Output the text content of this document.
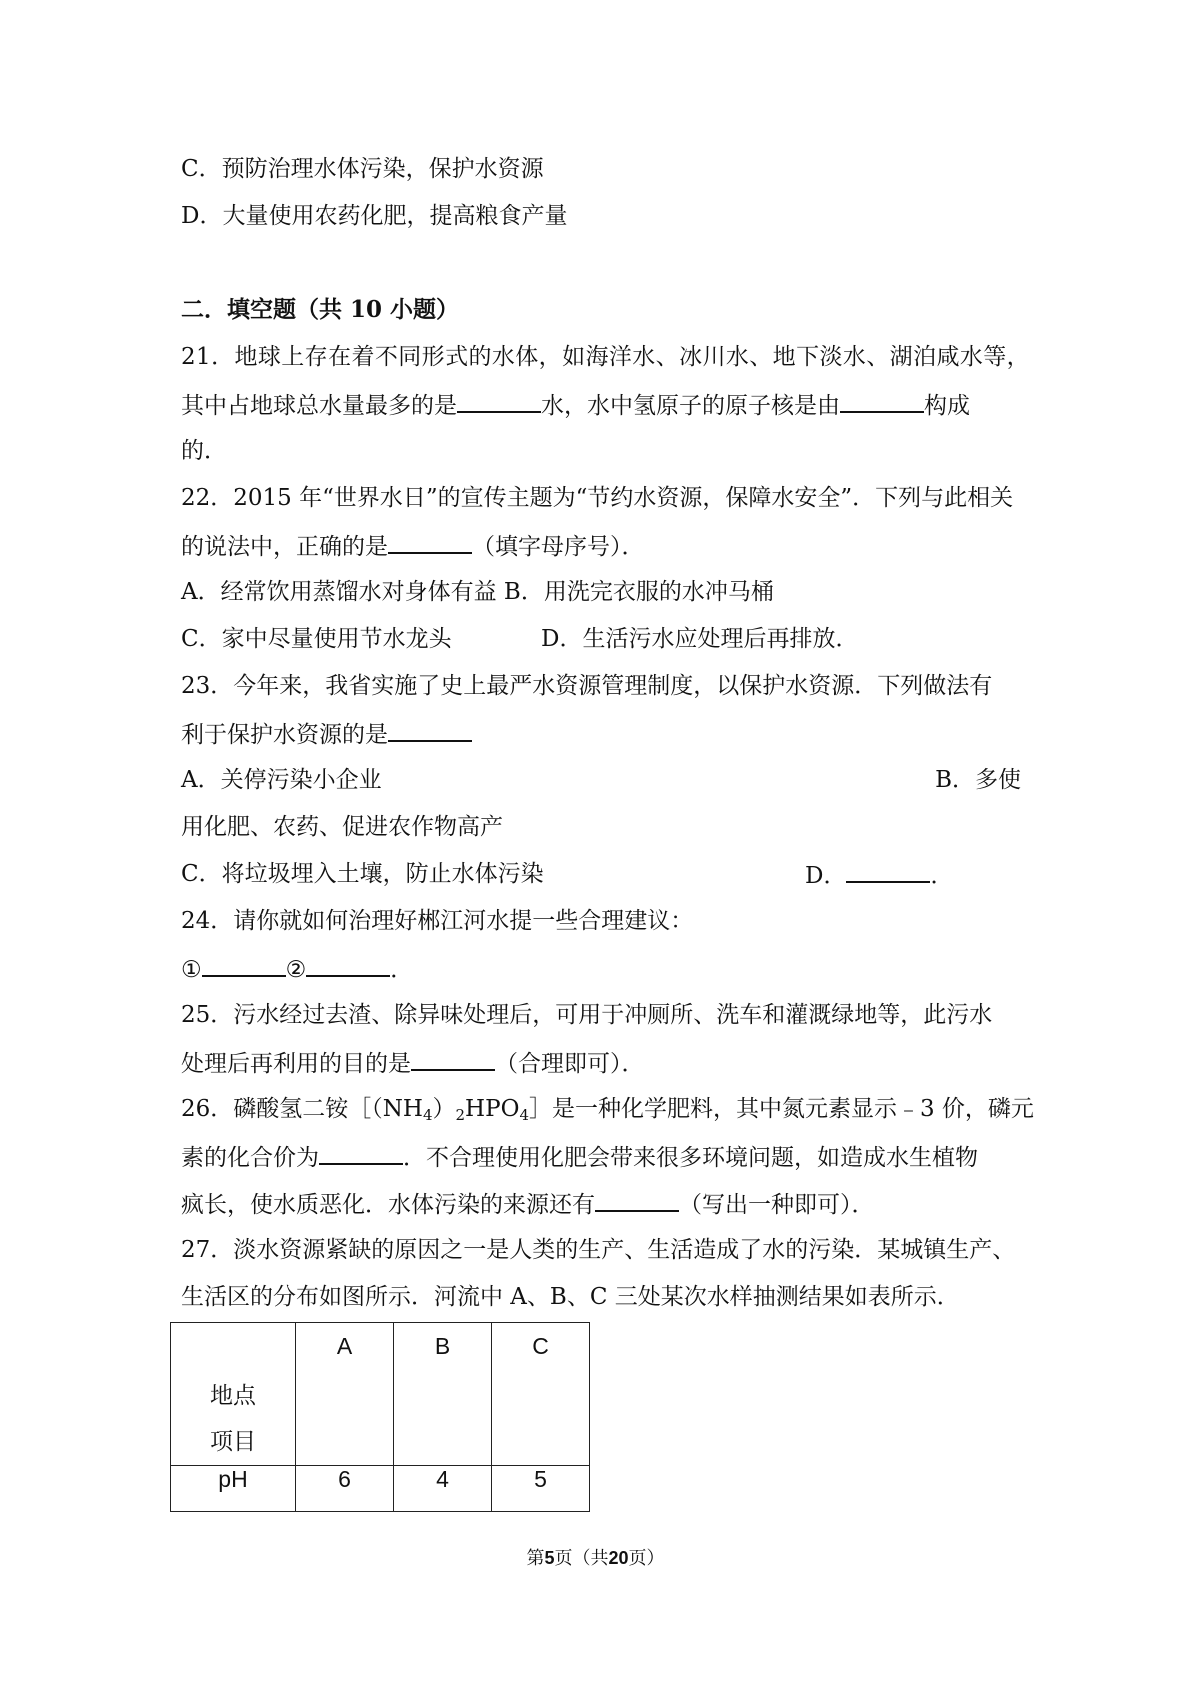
C．预防治理水体污染，保护水资源
D．大量使用农药化肥，提高粮食产量
二．填空题（共 10 小题）
21．地球上存在着不同形式的水体，如海洋水、冰川水、地下淡水、湖泊咸水等，
其中占地球总水量最多的是	水，水中氢原子的原子核是由	构成
的．
22．2015 年“世界水日”的宣传主题为“节约水资源，保障水安全”．下列与此相关
的说法中，正确的是	（填字母序号）．
A．经常饮用蒸馏水对身体有益 B．用洗完衣服的水冲马桶
C．家中尽量使用节水龙头	D．生活污水应处理后再排放．
23．今年来，我省实施了史上最严水资源管理制度，以保护水资源．下列做法有
利于保护水资源的是
A．关停污染小企业	B．多使
用化肥、农药、促进农作物高产
C．将垃圾埋入土壤，防止水体污染	D．	．
24．请你就如何治理好郴江河水提一些合理建议：
①	②	．
25．污水经过去渣、除异味处理后，可用于冲厕所、洗车和灌溉绿地等，此污水
处理后再利用的目的是	（合理即可）．
26．磷酸氢二铵$[(NH_4)_2HPO_4]$是一种化学肥料，其中氮元素显示﹣3 价，磷元
素的化合价为	．不合理使用化肥会带来很多环境问题，如造成水生植物
疯长，使水质恶化．水体污染的来源还有	（写出一种即可）．
27．淡水资源紧缺的原因之一是人类的生产、生活造成了水的污染．某城镇生产、
生活区的分布如图所示．河流中 A、B、C 三处某次水样抽测结果如表所示．
地点
项目	A	B	C

pH	6	4	5
第5页（共20页）
